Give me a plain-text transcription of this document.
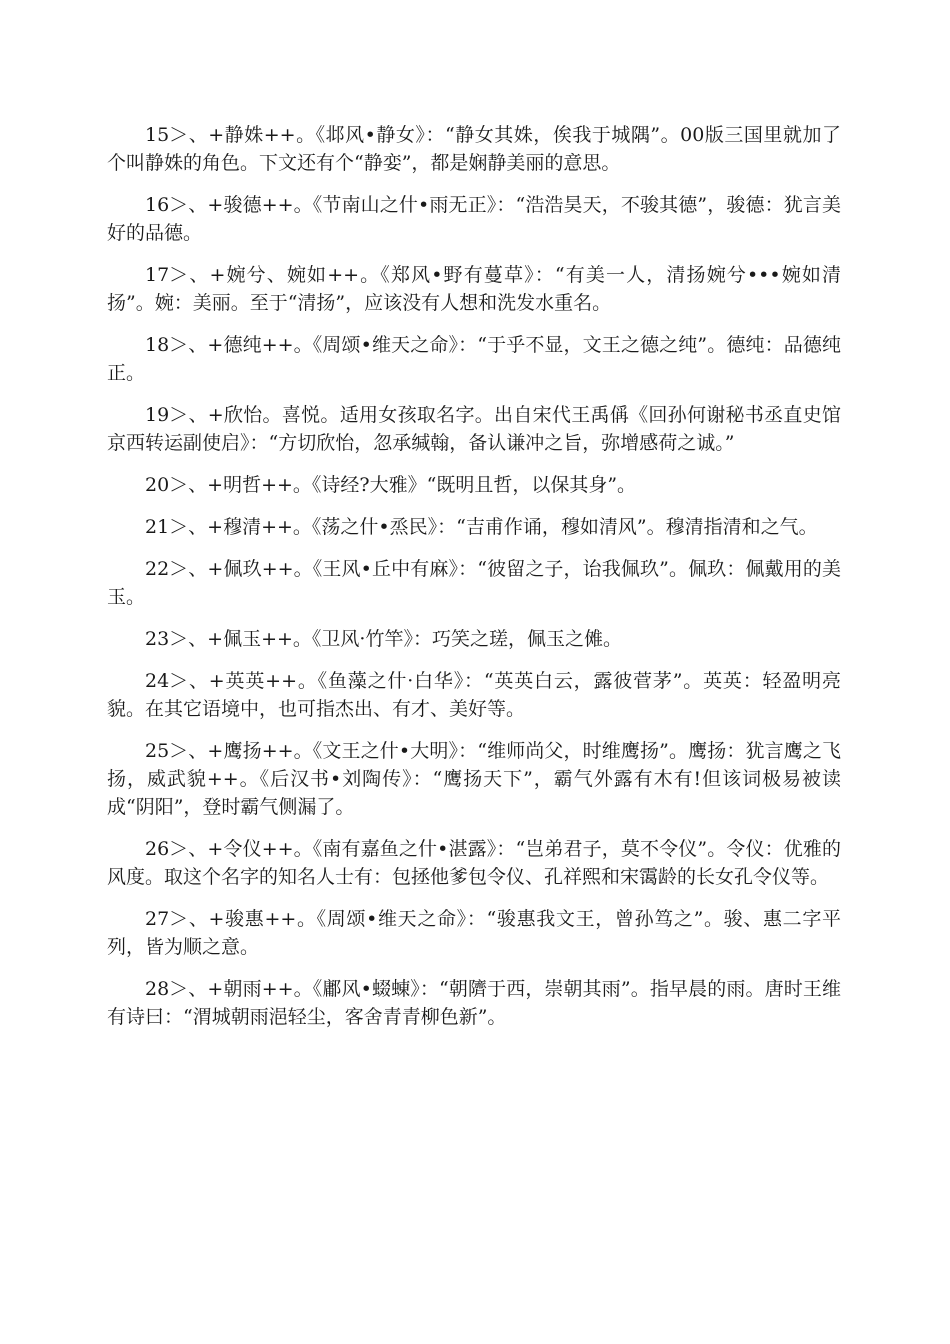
15＞、+静姝++。《邶风•静女》：“静女其姝，俟我于城隅”。00版三国里就加了个叫静姝的角色。下文还有个“静娈”，都是娴静美丽的意思。

16＞、+骏德++。《节南山之什•雨无正》：“浩浩昊天，不骏其德”，骏德：犹言美好的品德。

17＞、+婉兮、婉如++。《郑风•野有蔓草》：“有美一人，清扬婉兮•••婉如清扬”。婉：美丽。至于“清扬”，应该没有人想和洗发水重名。

18＞、+德纯++。《周颂•维天之命》：“于乎不显，文王之德之纯”。德纯：品德纯正。

19＞、+欣怡。喜悦。适用女孩取名字。出自宋代王禹偁《回孙何谢秘书丞直史馆京西转运副使启》：“方切欣怡，忽承缄翰，备认谦冲之旨，弥增感荷之诚。”

20＞、+明哲++。《诗经?大雅》“既明且哲，以保其身”。

21＞、+穆清++。《荡之什•烝民》：“吉甫作诵，穆如清风”。穆清指清和之气。

22＞、+佩玖++。《王风•丘中有麻》：“彼留之子，诒我佩玖”。佩玖：佩戴用的美玉。

23＞、+佩玉++。《卫风·竹竿》：巧笑之瑳，佩玉之傩。

24＞、+英英++。《鱼藻之什·白华》：“英英白云，露彼菅茅”。英英：轻盈明亮貌。在其它语境中，也可指杰出、有才、美好等。

25＞、+鹰扬++。《文王之什•大明》：“维师尚父，时维鹰扬”。鹰扬：犹言鹰之飞扬，威武貌++。《后汉书•刘陶传》：“鹰扬天下”，霸气外露有木有!但该词极易被读成“阴阳”，登时霸气侧漏了。

26＞、+令仪++。《南有嘉鱼之什•湛露》：“岂弟君子，莫不令仪”。令仪：优雅的风度。取这个名字的知名人士有：包拯他爹包令仪、孔祥熙和宋霭龄的长女孔令仪等。

27＞、+骏惠++。《周颂•维天之命》：“骏惠我文王，曾孙笃之”。骏、惠二字平列，皆为顺之意。

28＞、+朝雨++。《鄘风•蝃蝀》：“朝隮于西，崇朝其雨”。指早晨的雨。唐时王维有诗曰：“渭城朝雨浥轻尘，客舍青青柳色新”。
